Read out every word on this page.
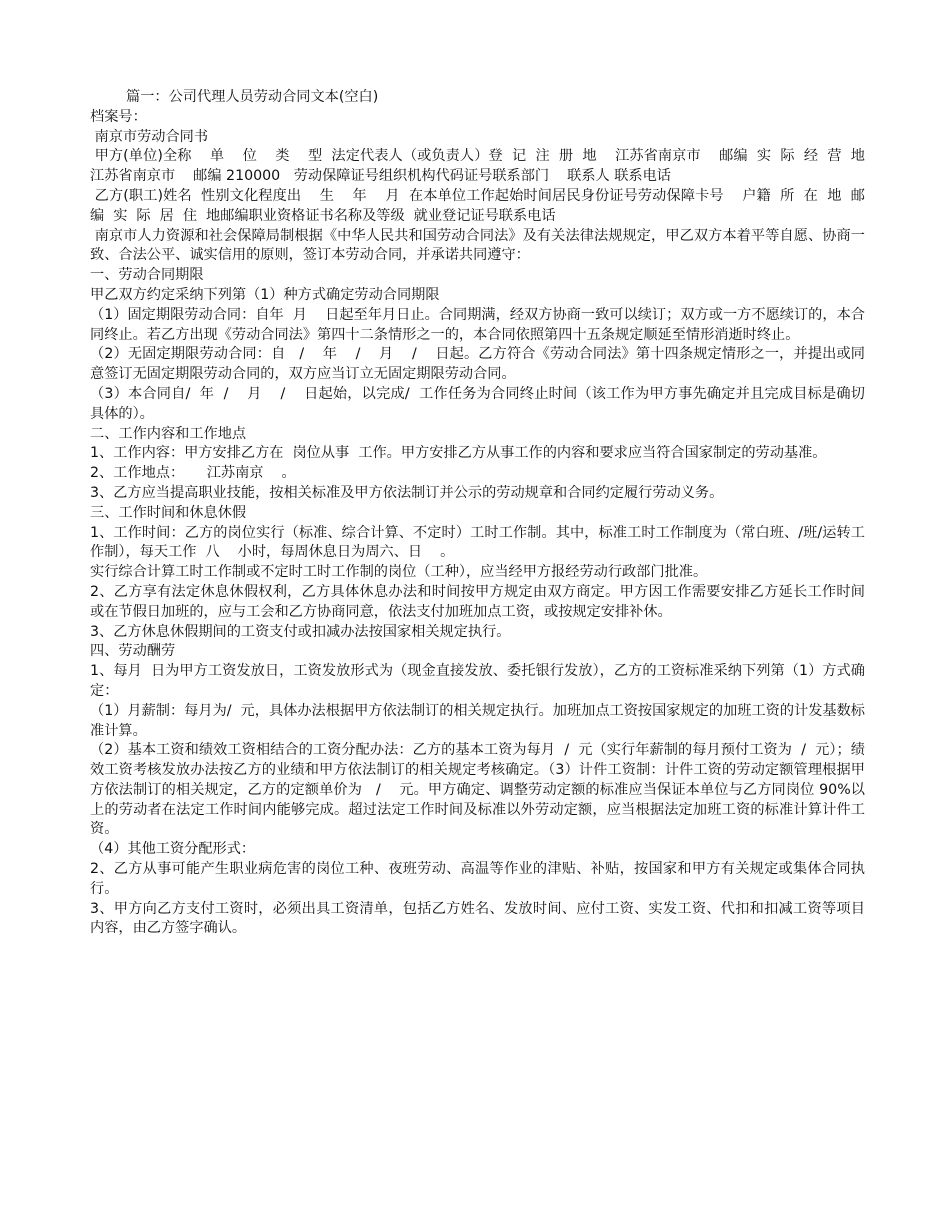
篇一：公司代理人员劳动合同文本(空白)

档案号：

南京市劳动合同书

甲方(单位)全称    单    位    类    型  法定代表人（或负责人）登  记  注  册  地    江苏省南京市    邮编  实  际  经  营  地    江苏省南京市    邮编 210000   劳动保障证号组织机构代码证号联系部门    联系人 联系电话

乙方(职工)姓名  性别文化程度出    生    年    月  在本单位工作起始时间居民身份证号劳动保障卡号    户籍  所  在  地  邮编  实  际  居  住  地邮编职业资格证书名称及等级  就业登记证号联系电话

南京市人力资源和社会保障局制根据《中华人民共和国劳动合同法》及有关法律法规规定，甲乙双方本着平等自愿、协商一致、合法公平、诚实信用的原则，签订本劳动合同，并承诺共同遵守：

一、劳动合同期限

甲乙双方约定采纳下列第（1）种方式确定劳动合同期限

（1）固定期限劳动合同：自年  月    日起至年月日止。合同期满，经双方协商一致可以续订；双方或一方不愿续订的，本合同终止。若乙方出现《劳动合同法》第四十二条情形之一的，本合同依照第四十五条规定顺延至情形消逝时终止。

（2）无固定期限劳动合同：自   /    年    /    月    /    日起。乙方符合《劳动合同法》第十四条规定情形之一，并提出或同意签订无固定期限劳动合同的，双方应当订立无固定期限劳动合同。

（3）本合同自/  年  /    月    /    日起始，以完成/  工作任务为合同终止时间（该工作为甲方事先确定并且完成目标是确切具体的）。

二、工作内容和工作地点

1、工作内容：甲方安排乙方在  岗位从事  工作。甲方安排乙方从事工作的内容和要求应当符合国家制定的劳动基准。

2、工作地点：     江苏南京    。

3、乙方应当提高职业技能，按相关标准及甲方依法制订并公示的劳动规章和合同约定履行劳动义务。

三、工作时间和休息休假

1、工作时间：乙方的岗位实行（标准、综合计算、不定时）工时工作制。其中，标准工时工作制度为（常白班、/班/运转工作制），每天工作  八    小时，每周休息日为周六、日    。

实行综合计算工时工作制或不定时工时工作制的岗位（工种），应当经甲方报经劳动行政部门批准。

2、乙方享有法定休息休假权利，乙方具体休息办法和时间按甲方规定由双方商定。甲方因工作需要安排乙方延长工作时间或在节假日加班的，应与工会和乙方协商同意，依法支付加班加点工资，或按规定安排补休。

3、乙方休息休假期间的工资支付或扣减办法按国家相关规定执行。

四、劳动酬劳

1、每月  日为甲方工资发放日，工资发放形式为（现金直接发放、委托银行发放），乙方的工资标准采纳下列第（1）方式确定：

（1）月薪制：每月为/  元，具体办法根据甲方依法制订的相关规定执行。加班加点工资按国家规定的加班工资的计发基数标准计算。

（2）基本工资和绩效工资相结合的工资分配办法：乙方的基本工资为每月  /  元（实行年薪制的每月预付工资为  /  元）；绩效工资考核发放办法按乙方的业绩和甲方依法制订的相关规定考核确定。（3）计件工资制：计件工资的劳动定额管理根据甲方依法制订的相关规定，乙方的定额单价为   /    元。甲方确定、调整劳动定额的标准应当保证本单位与乙方同岗位 90%以上的劳动者在法定工作时间内能够完成。超过法定工作时间及标准以外劳动定额，应当根据法定加班工资的标准计算计件工资。

（4）其他工资分配形式：

2、乙方从事可能产生职业病危害的岗位工种、夜班劳动、高温等作业的津贴、补贴，按国家和甲方有关规定或集体合同执行。

3、甲方向乙方支付工资时，必须出具工资清单，包括乙方姓名、发放时间、应付工资、实发工资、代扣和扣减工资等项目内容，由乙方签字确认。
